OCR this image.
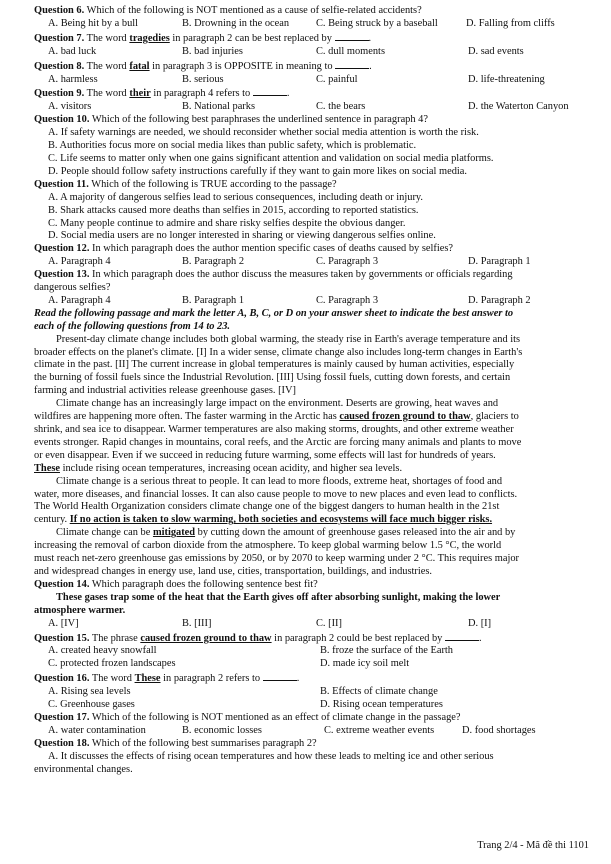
Question 6. Which of the following is NOT mentioned as a cause of selfie-related accidents?

A. Being hit by a bull	B. Drowning in the ocean	C. Being struck by a baseball	D. Falling from cliffs

Question 7. The word tragedies in paragraph 2 can be best replaced by	.

A. bad luck	B. bad injuries	C. dull moments	D. sad events

Question 8. The word fatal in paragraph 3 is OPPOSITE in meaning to	.

A. harmless	B. serious	C. painful	D. life-threatening

Question 9. The word their in paragraph 4 refers to	.

A. visitors	B. National parks	C. the bears	D. the Waterton Canyon

Question 10. Which of the following best paraphrases the underlined sentence in paragraph 4?

A. If safety warnings are needed, we should reconsider whether social media attention is worth the risk.

B. Authorities focus more on social media likes than public safety, which is problematic.

C. Life seems to matter only when one gains significant attention and validation on social media platforms.

D. People should follow safety instructions carefully if they want to gain more likes on social media.

Question 11. Which of the following is TRUE according to the passage?

A. A majority of dangerous selfies lead to serious consequences, including death or injury.

B. Shark attacks caused more deaths than selfies in 2015, according to reported statistics.

C. Many people continue to admire and share risky selfies despite the obvious danger.

D. Social media users are no longer interested in sharing or viewing dangerous selfies online.

Question 12. In which paragraph does the author mention specific cases of deaths caused by selfies?

A. Paragraph 4	B. Paragraph 2	C. Paragraph 3	D. Paragraph 1

Question 13. In which paragraph does the author discuss the measures taken by governments or officials regarding

dangerous selfies?

A. Paragraph 4	B. Paragraph 1	C. Paragraph 3	D. Paragraph 2

Read the following passage and mark the letter A, B, C, or D on your answer sheet to indicate the best answer to

each of the following questions from 14 to 23.

Present-day climate change includes both global warming, the steady rise in Earth's average temperature and its

broader effects on the planet's climate. [I] In a wider sense, climate change also includes long-term changes in Earth's

climate in the past. [II] The current increase in global temperatures is mainly caused by human activities, especially

the burning of fossil fuels since the Industrial Revolution. [III] Using fossil fuels, cutting down forests, and certain

farming and industrial activities release greenhouse gases. [IV]

Climate change has an increasingly large impact on the environment. Deserts are growing, heat waves and

wildfires are happening more often. The faster warming in the Arctic has caused frozen ground to thaw, glaciers to

shrink, and sea ice to disappear. Warmer temperatures are also making storms, droughts, and other extreme weather

events stronger. Rapid changes in mountains, coral reefs, and the Arctic are forcing many animals and plants to move

or even disappear. Even if we succeed in reducing future warming, some effects will last for hundreds of years.

These include rising ocean temperatures, increasing ocean acidity, and higher sea levels.

Climate change is a serious threat to people. It can lead to more floods, extreme heat, shortages of food and

water, more diseases, and financial losses. It can also cause people to move to new places and even lead to conflicts.

The World Health Organization considers climate change one of the biggest dangers to human health in the 21st

century. If no action is taken to slow warming, both societies and ecosystems will face much bigger risks.

Climate change can be mitigated by cutting down the amount of greenhouse gases released into the air and by

increasing the removal of carbon dioxide from the atmosphere. To keep global warming below 1.5 °C, the world

must reach net-zero greenhouse gas emissions by 2050, or by 2070 to keep warming under 2 °C. This requires major

and widespread changes in energy use, land use, cities, transportation, buildings, and industries.

Question 14. Which paragraph does the following sentence best fit?

These gases trap some of the heat that the Earth gives off after absorbing sunlight, making the lower

atmosphere warmer.

A. [IV]	B. [III]	C. [II]	D. [I]

Question 15. The phrase caused frozen ground to thaw in paragraph 2 could be best replaced by	.

A. created heavy snowfall	B. froze the surface of the Earth
C. protected frozen landscapes	D. made icy soil melt

Question 16. The word These in paragraph 2 refers to	.

A. Rising sea levels	B. Effects of climate change
C. Greenhouse gases	D. Rising ocean temperatures

Question 17. Which of the following is NOT mentioned as an effect of climate change in the passage?

A. water contamination	B. economic losses	C. extreme weather events	D. food shortages

Question 18. Which of the following best summarises paragraph 2?

A. It discusses the effects of rising ocean temperatures and how these leads to melting ice and other serious

environmental changes.

Trang 2/4 - Mã đề thi 1101
